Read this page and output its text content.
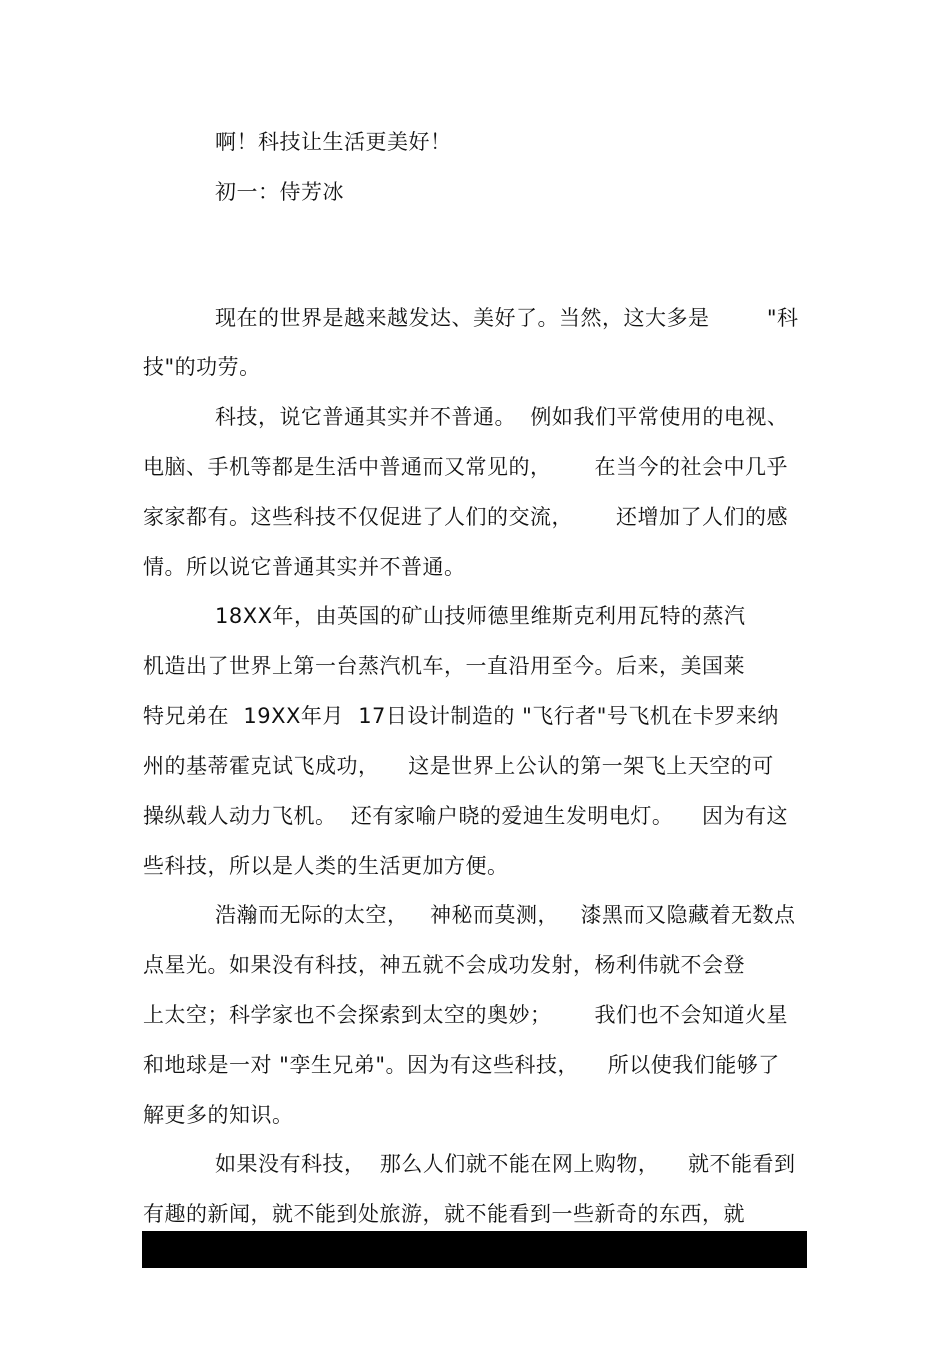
啊！科技让生活更美好！
初一：侍芳冰
现在的世界是越来越发达、美好了。当然，这大多是        "科
技"的功劳。
科技，说它普通其实并不普通。  例如我们平常使用的电视、
电脑、手机等都是生活中普通而又常见的，      在当今的社会中几乎
家家都有。这些科技不仅促进了人们的交流，      还增加了人们的感
情。所以说它普通其实并不普通。
18XX年，由英国的矿山技师德里维斯克利用瓦特的蒸汽
机造出了世界上第一台蒸汽机车，一直沿用至今。后来，美国莱
特兄弟在  19XX年月  17日设计制造的 "飞行者"号飞机在卡罗来纳
州的基蒂霍克试飞成功，    这是世界上公认的第一架飞上天空的可
操纵载人动力飞机。  还有家喻户晓的爱迪生发明电灯。    因为有这
些科技，所以是人类的生活更加方便。
浩瀚而无际的太空，   神秘而莫测，   漆黑而又隐藏着无数点
点星光。如果没有科技，神五就不会成功发射，杨利伟就不会登
上太空；科学家也不会探索到太空的奥妙；      我们也不会知道火星
和地球是一对 "孪生兄弟"。因为有这些科技，    所以使我们能够了
解更多的知识。
如果没有科技，  那么人们就不能在网上购物，    就不能看到
有趣的新闻，就不能到处旅游，就不能看到一些新奇的东西，就
